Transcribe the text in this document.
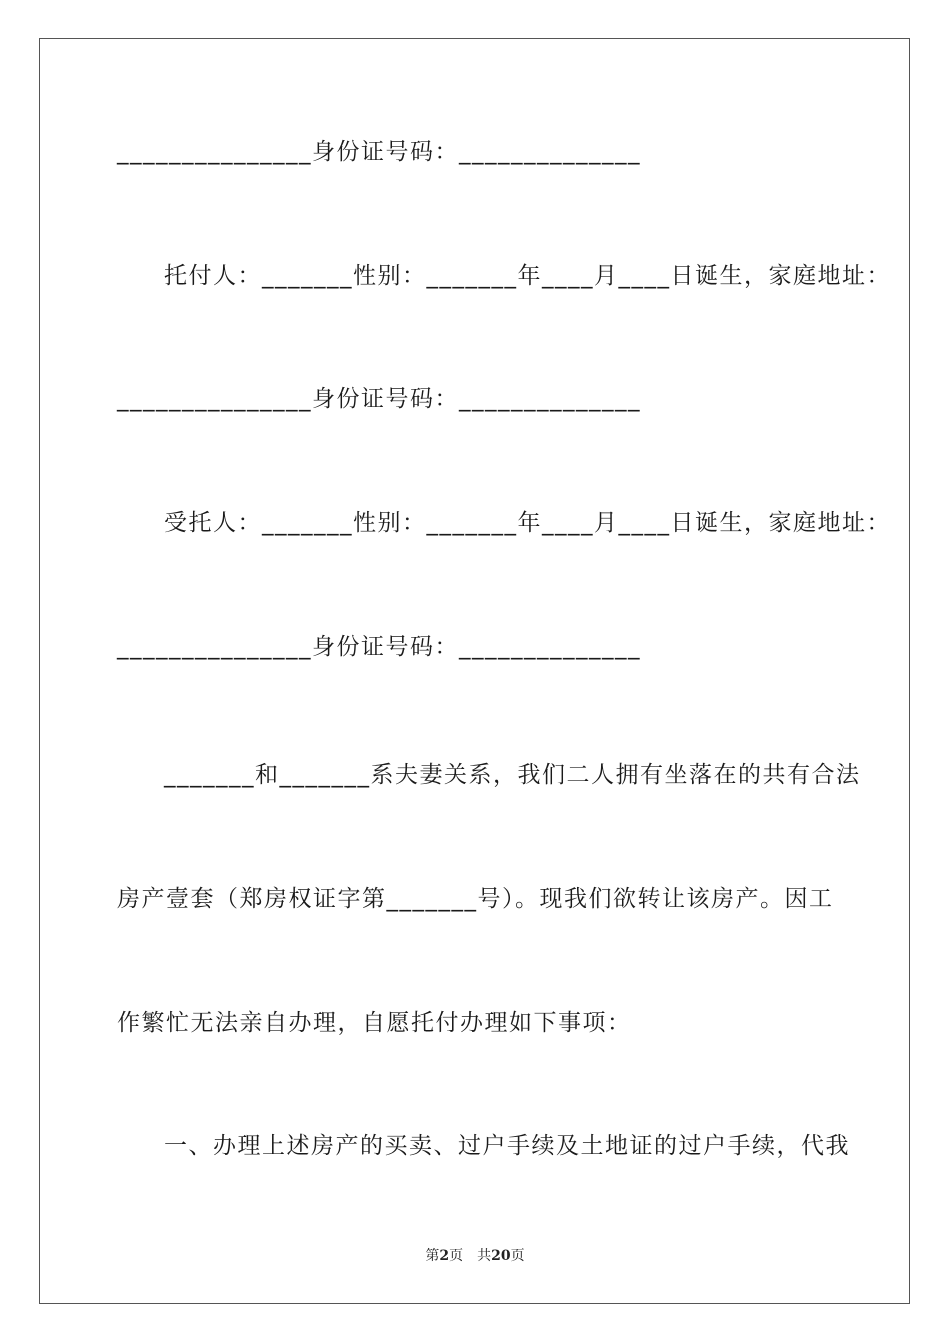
_______________身份证号码：______________
托付人：_______性别：_______年____月____日诞生，家庭地址：
_______________身份证号码：______________
受托人：_______性别：_______年____月____日诞生，家庭地址：
_______________身份证号码：______________
_______和_______系夫妻关系，我们二人拥有坐落在的共有合法
房产壹套（郑房权证字第_______号）。现我们欲转让该房产。因工
作繁忙无法亲自办理，自愿托付办理如下事项：
一、办理上述房产的买卖、过户手续及土地证的过户手续，代我
第2页 共20页
